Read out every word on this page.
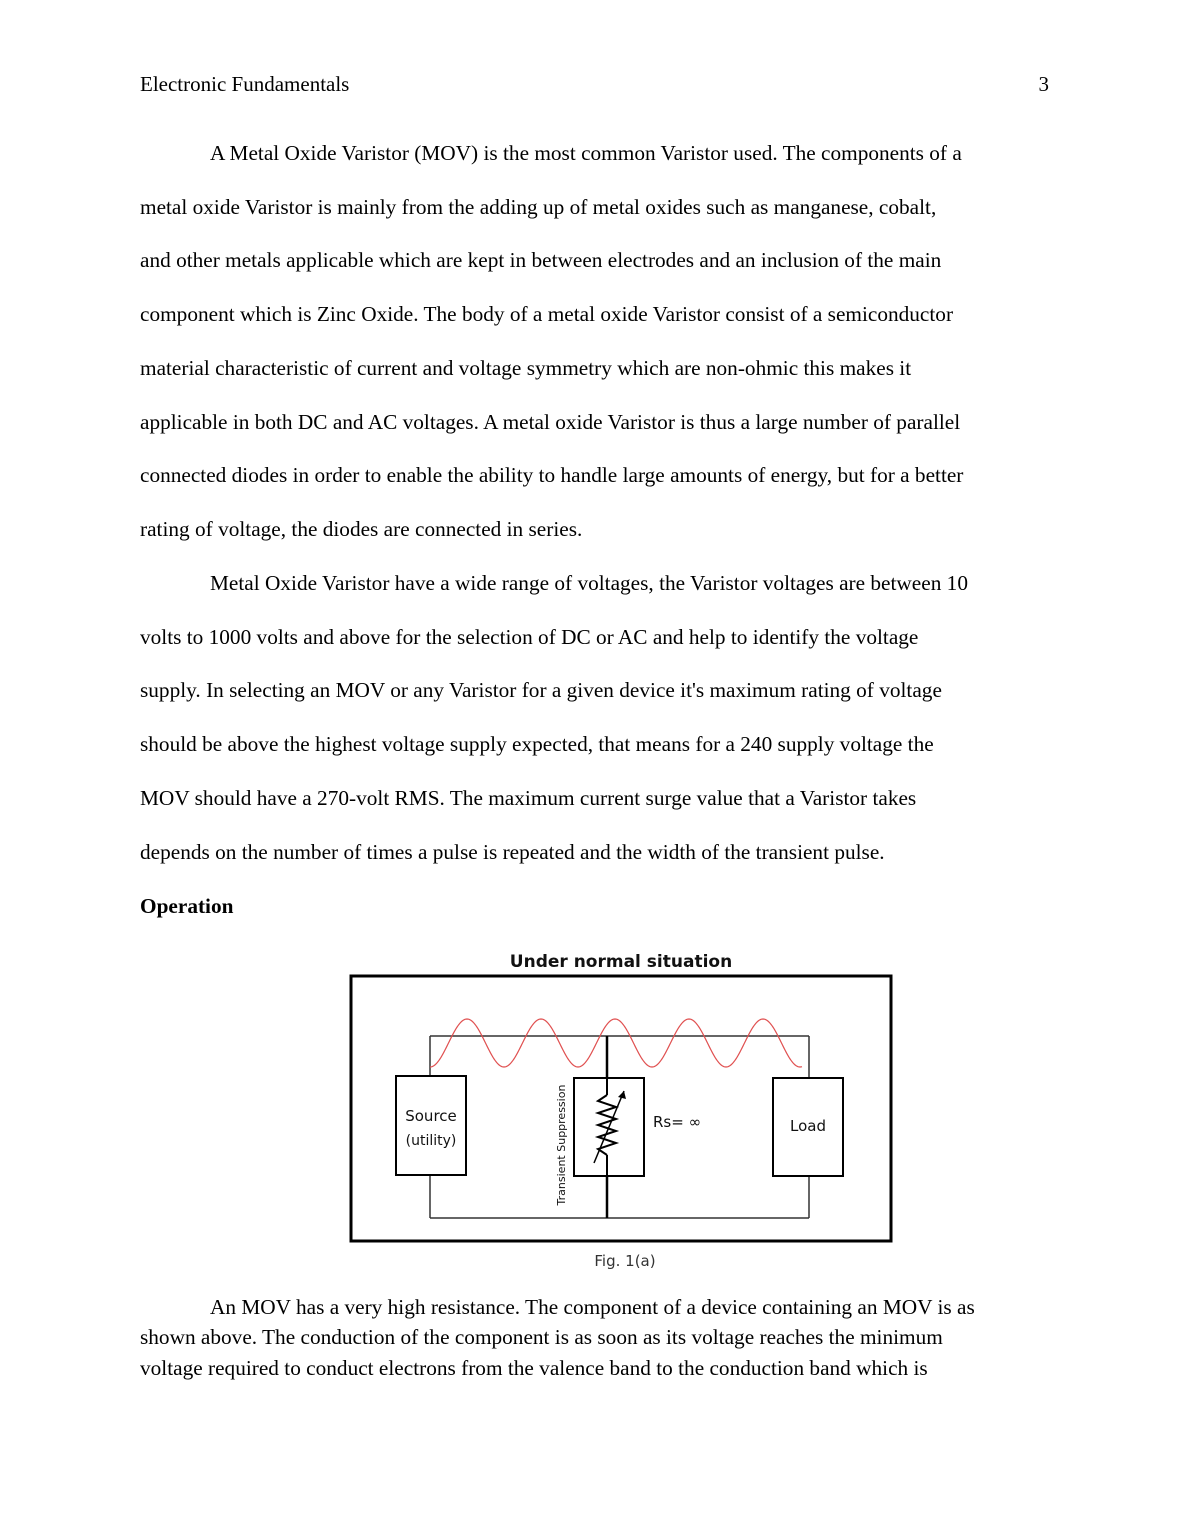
Electronic Fundamentals	3
A Metal Oxide Varistor (MOV) is the most common Varistor used. The components of a
metal oxide Varistor is mainly from the adding up of metal oxides such as manganese, cobalt,
and other metals applicable which are kept in between electrodes and an inclusion of the main
component which is Zinc Oxide. The body of a metal oxide Varistor consist of a semiconductor
material characteristic of current and voltage symmetry which are non-ohmic this makes it
applicable in both DC and AC voltages. A metal oxide Varistor is thus a large number of parallel
connected diodes in order to enable the ability to handle large amounts of energy, but for a better
rating of voltage, the diodes are connected in series.
Metal Oxide Varistor have a wide range of voltages, the Varistor voltages are between 10
volts to 1000 volts and above for the selection of DC or AC and help to identify the voltage
supply. In selecting an MOV or any Varistor for a given device it's maximum rating of voltage
should be above the highest voltage supply expected, that means for a 240 supply voltage the
MOV should have a 270-volt RMS. The maximum current surge value that a Varistor takes
depends on the number of times a pulse is repeated and the width of the transient pulse.
Operation
Under normal situation
Source
(utility)	Transient Suppression	Rs= ∞	Load
Fig. 1(a)
An MOV has a very high resistance. The component of a device containing an MOV is as
shown above. The conduction of the component is as soon as its voltage reaches the minimum
voltage required to conduct electrons from the valence band to the conduction band which is
